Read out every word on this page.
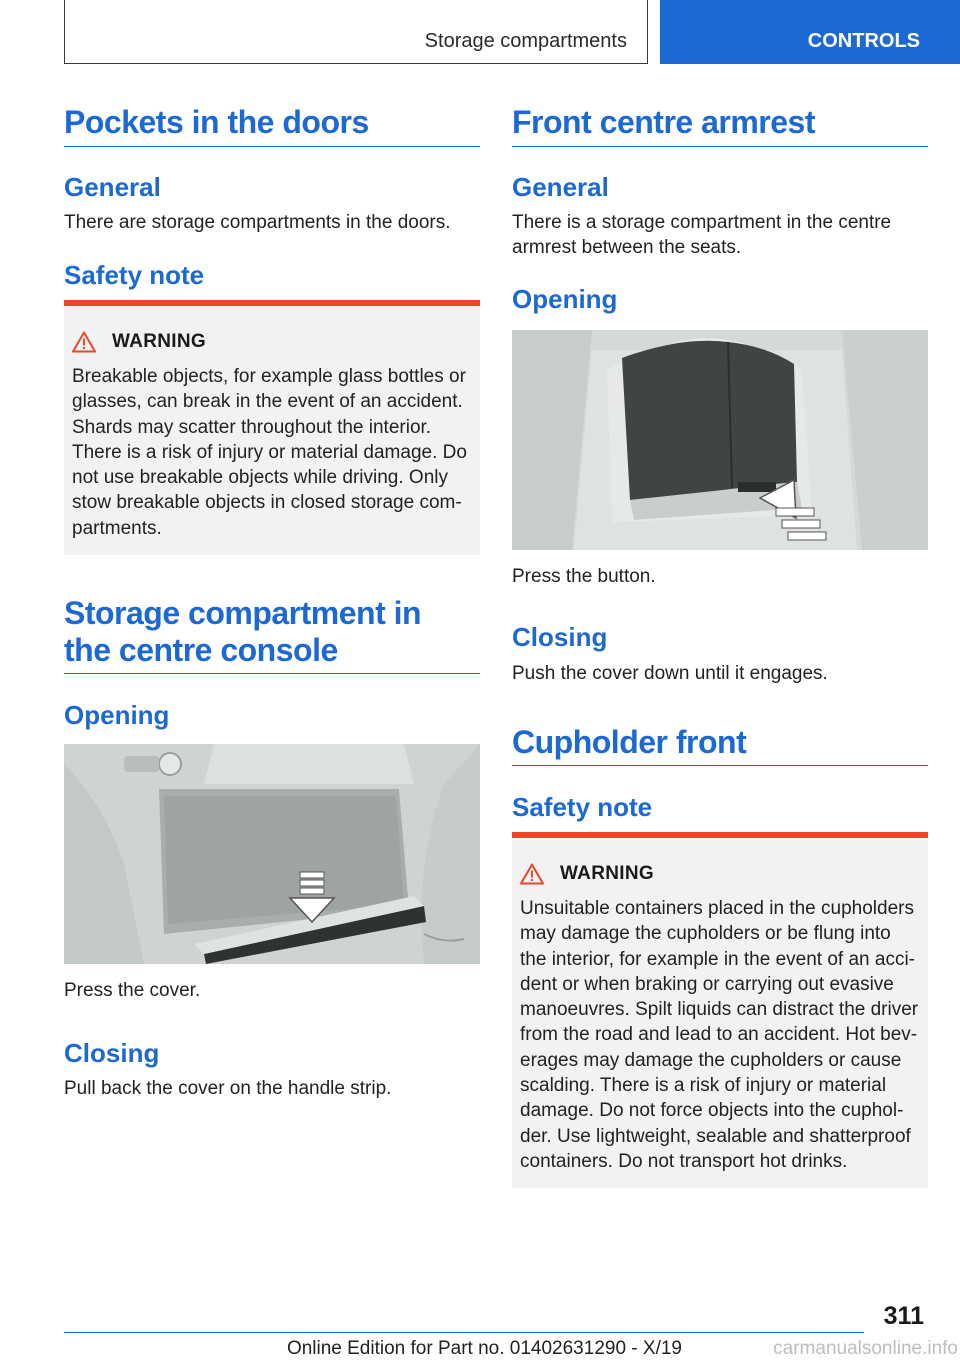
Storage compartments	CONTROLS
Pockets in the doors
General
There are storage compartments in the doors.
Safety note
WARNING
Breakable objects, for example glass bottles or
glasses, can break in the event of an accident.
Shards may scatter throughout the interior.
There is a risk of injury or material damage. Do
not use breakable objects while driving. Only
stow breakable objects in closed storage com-
partments.
Storage compartment in
the centre console
Opening
Press the cover.
Closing
Pull back the cover on the handle strip.
Front centre armrest
General
There is a storage compartment in the centre
armrest between the seats.
Opening
Press the button.
Closing
Push the cover down until it engages.
Cupholder front
Safety note
WARNING
Unsuitable containers placed in the cupholders
may damage the cupholders or be flung into
the interior, for example in the event of an acci-
dent or when braking or carrying out evasive
manoeuvres. Spilt liquids can distract the driver
from the road and lead to an accident. Hot bev-
erages may damage the cupholders or cause
scalding. There is a risk of injury or material
damage. Do not force objects into the cuphol-
der. Use lightweight, sealable and shatterproof
containers. Do not transport hot drinks.
311
Online Edition for Part no. 01402631290 - X/19	carmanualsonline.info
